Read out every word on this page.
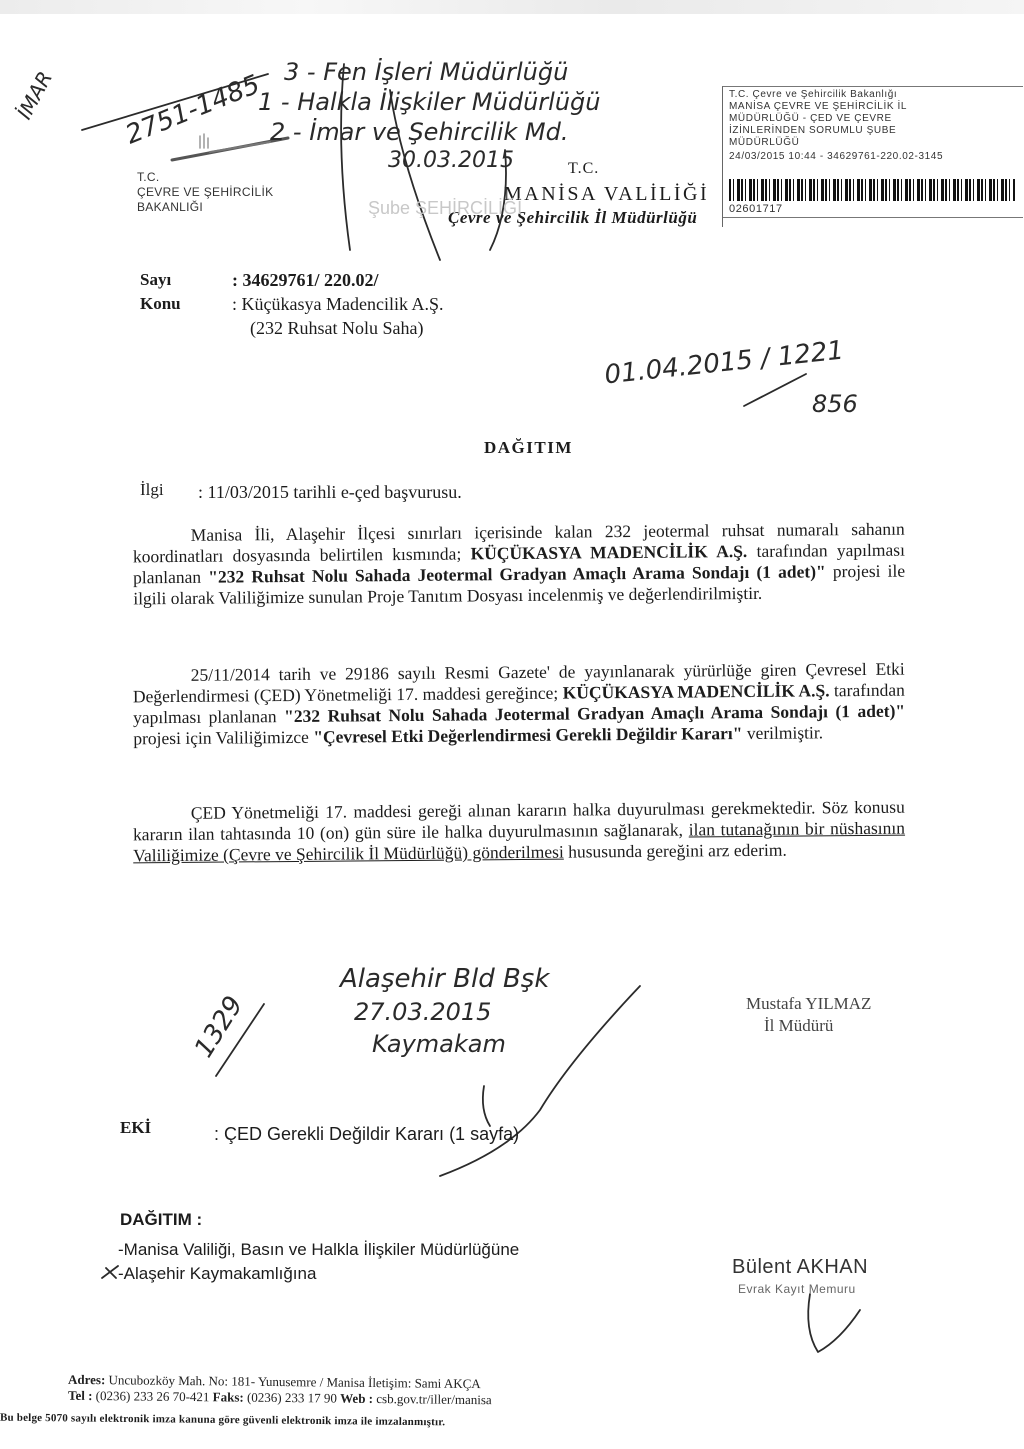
T.C.
ÇEVRE VE ŞEHİRCİLİK
BAKANLIĞI
T.C.
MANİSA VALİLİĞİ
Çevre ve Şehircilik İl Müdürlüğü
T.C. Çevre ve Şehircilik Bakanlığı
MANİSA ÇEVRE VE ŞEHİRCİLİK İL
MÜDÜRLÜĞÜ - ÇED VE ÇEVRE
İZİNLERİNDEN SORUMLU ŞUBE
MÜDÜRLÜĞÜ
24/03/2015 10:44 - 34629761-220.02-3145
02601717
İMAR 2751-1485 3 - Fen İşleri Müdürlüğü
1 - Halkla İlişkiler Müdürlüğü
2 - İmar ve Şehircilik Md.
30.03.2015
Şube ŞEHİRCİLİĞİ
Sayı	: 34629761/ 220.02/
Konu	: Küçükasya Madencilik A.Ş.
(232 Ruhsat Nolu Saha)
01.04.2015 / 1221
856
DAĞITIM
İlgi : 11/03/2015 tarihli e-çed başvurusu.

Manisa İli, Alaşehir İlçesi sınırları içerisinde kalan 232 jeotermal ruhsat numaralı sahanın koordinatları dosyasında belirtilen kısmında; KÜÇÜKASYA MADENCİLİK A.Ş. tarafından yapılması planlanan "232 Ruhsat Nolu Sahada Jeotermal Gradyan Amaçlı Arama Sondajı (1 adet)" projesi ile ilgili olarak Valiliğimize sunulan Proje Tanıtım Dosyası incelenmiş ve değerlendirilmiştir.

25/11/2014 tarih ve 29186 sayılı Resmi Gazete' de yayınlanarak yürürlüğe giren Çevresel Etki Değerlendirmesi (ÇED) Yönetmeliği 17. maddesi gereğince; KÜÇÜKASYA MADENCİLİK A.Ş. tarafından yapılması planlanan "232 Ruhsat Nolu Sahada Jeotermal Gradyan Amaçlı Arama Sondajı (1 adet)" projesi için Valiliğimizce "Çevresel Etki Değerlendirmesi Gerekli Değildir Kararı" verilmiştir.

ÇED Yönetmeliği 17. maddesi gereği alınan kararın halka duyurulması gerekmektedir. Söz konusu kararın ilan tahtasında 10 (on) gün süre ile halka duyurulmasının sağlanarak, ilan tutanağının bir nüshasının Valiliğimize (Çevre ve Şehircilik İl Müdürlüğü) gönderilmesi hususunda gereğini arz ederim.

Alaşehir Bld Bşk
27.03.2015
Kaymakam
1329	Mustafa YILMAZ
İl Müdürü
EKİ	: ÇED Gerekli Değildir Kararı (1 sayfa)
DAĞITIM :
-Manisa Valiliği, Basın ve Halkla İlişkiler Müdürlüğüne
-Alaşehir Kaymakamlığına	Bülent AKHAN
Evrak Kayıt Memuru
Adres: Uncubozköy Mah. No: 181- Yunusemre / Manisa İletişim: Sami AKÇA
Tel : (0236) 233 26 70-421 Faks: (0236) 233 17 90 Web : csb.gov.tr/iller/manisa
Bu belge 5070 sayılı elektronik imza kanuna göre güvenli elektronik imza ile imzalanmıştır.
